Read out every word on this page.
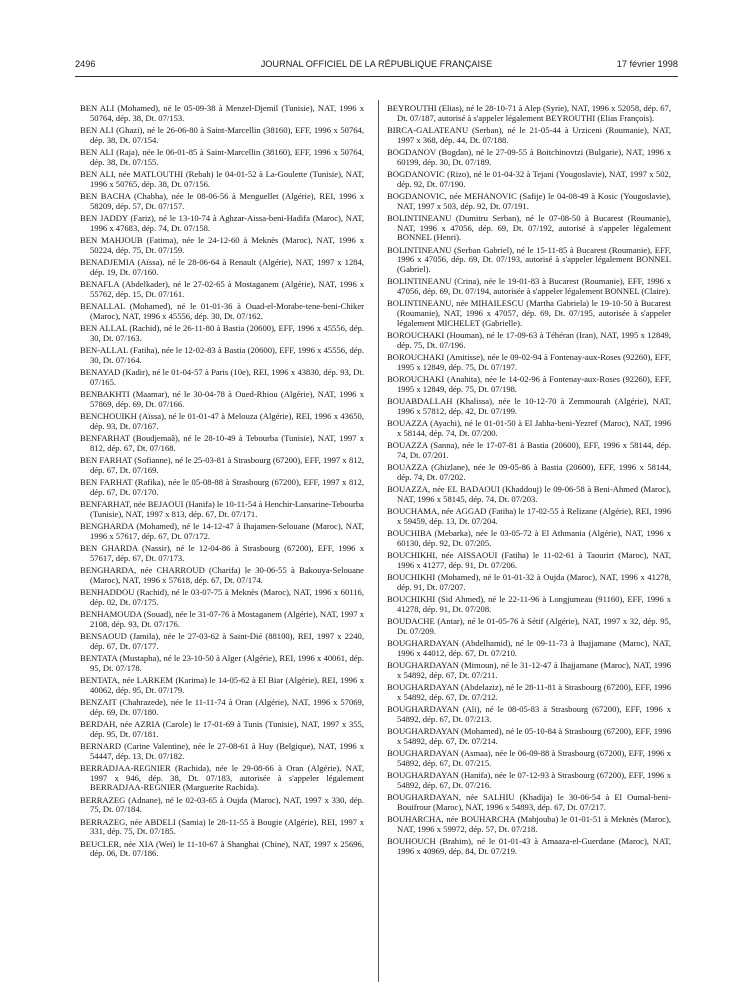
2496	JOURNAL OFFICIEL DE LA RÉPUBLIQUE FRANÇAISE	17 février 1998

BEN ALI (Mohamed), né le 05-09-38 à Menzel-Djemil (Tunisie), NAT, 1996 x 50764, dép. 38, Dt. 07/153.

BEN ALI (Ghazi), né le 26-06-80 à Saint-Marcellin (38160), EFF, 1996 x 50764, dép. 38, Dt. 07/154.

BEN ALI (Raja), née le 06-01-85 à Saint-Marcellin (38160), EFF, 1996 x 50764, dép. 38, Dt. 07/155.

BEN ALI, née MATLOUTHI (Rebah) le 04-01-52 à La-Goulette (Tunisie), NAT, 1996 x 50765, dép. 38, Dt. 07/156.

BEN BACHA (Chabha), née le 08-06-56 à Menguellet (Algérie), REI, 1996 x 58209, dép. 57, Dt. 07/157.

BEN JADDY (Fariz), né le 13-10-74 à Aghzar-Aissa-beni-Hadifa (Maroc), NAT, 1996 x 47683, dép. 74, Dt. 07/158.

BEN MAHJOUB (Fatima), née le 24-12-60 à Meknès (Maroc), NAT, 1996 x 50224, dép. 75, Dt. 07/159.

BENADJEMIA (Aïssa), né le 28-06-64 à Renault (Algérie), NAT, 1997 x 1284, dép. 19, Dt. 07/160.

BENAFLA (Abdelkader), né le 27-02-65 à Mostaganem (Algérie), NAT, 1996 x 55762, dép. 15, Dt. 07/161.

BENALLAL (Mohamed), né le 01-01-36 à Ouad-el-Morabe-tene-beni-Chiker (Maroc), NAT, 1996 x 45556, dép. 30, Dt. 07/162.

BEN ALLAL (Rachid), né le 26-11-80 à Bastia (20600), EFF, 1996 x 45556, dép. 30, Dt. 07/163.

BEN-ALLAL (Fatiha), née le 12-02-83 à Bastia (20600), EFF, 1996 x 45556, dép. 30, Dt. 07/164.

BENAYAD (Kadir), né le 01-04-57 à Paris (10e), REI, 1996 x 43830, dép. 93, Dt. 07/165.

BENBAKHTI (Maamar), né le 30-04-78 à Oued-Rhiou (Algérie), NAT, 1996 x 57869, dép. 69, Dt. 07/166.

BENCHOUIKH (Aïssa), né le 01-01-47 à Melouza (Algérie), REI, 1996 x 43650, dép. 93, Dt. 07/167.

BENFARHAT (Boudjemaâ), né le 28-10-49 à Tebourba (Tunisie), NAT, 1997 x 812, dép. 67, Dt. 07/168.

BEN FARHAT (Sofianne), né le 25-03-81 à Strasbourg (67200), EFF, 1997 x 812, dép. 67, Dt. 07/169.

BEN FARHAT (Rafika), née le 05-08-88 à Strasbourg (67200), EFF, 1997 x 812, dép. 67, Dt. 07/170.

BENFARHAT, née BEJAOUI (Hanifa) le 10-11-54 à Henchir-Lansarine-Tebourba (Tunisie), NAT, 1997 x 813, dép. 67, Dt. 07/171.

BENGHARDA (Mohamed), né le 14-12-47 à Ihajamen-Selouane (Maroc), NAT, 1996 x 57617, dép. 67, Dt. 07/172.

BEN GHARDA (Nassir), né le 12-04-86 à Strasbourg (67200), EFF, 1996 x 57617, dép. 67, Dt. 07/173.

BENGHARDA, née CHARROUD (Charifa) le 30-06-55 à Bakouya-Selouane (Maroc), NAT, 1996 x 57618, dép. 67, Dt. 07/174.

BENHADDOU (Rachid), né le 03-07-75 à Meknès (Maroc), NAT, 1996 x 60116, dép. 02, Dt. 07/175.

BENHAMOUDA (Souad), née le 31-07-76 à Mostaganem (Algérie), NAT, 1997 x 2108, dép. 93, Dt. 07/176.

BENSAOUD (Jamila), née le 27-03-62 à Saint-Dié (88100), REI, 1997 x 2240, dép. 67, Dt. 07/177.

BENTATA (Mustapha), né le 23-10-50 à Alger (Algérie), REI, 1996 x 40061, dép. 95, Dt. 07/178.

BENTATA, née LARKEM (Karima) le 14-05-62 à El Biar (Algérie), REI, 1996 x 40062, dép. 95, Dt. 07/179.

BENZAIT (Chahrazede), née le 11-11-74 à Oran (Algérie), NAT, 1996 x 57069, dép. 69, Dt. 07/180.

BERDAH, née AZRIA (Carole) le 17-01-69 à Tunis (Tunisie), NAT, 1997 x 355, dép. 95, Dt. 07/181.

BERNARD (Carine Valentine), née le 27-08-61 à Huy (Belgique), NAT, 1996 x 54447, dép. 13, Dt. 07/182.

BERRADJAA-REGNIER (Rachida), née le 29-08-66 à Oran (Algérie), NAT, 1997 x 946, dép. 38, Dt. 07/183, autorisée à s'appeler légalement BERRADJAA-REGNIER (Marguerite Rachida).

BERRAZEG (Adnane), né le 02-03-65 à Oujda (Maroc), NAT, 1997 x 330, dép. 75, Dt. 07/184.

BERRAZEG, née ABDELI (Samia) le 28-11-55 à Bougie (Algérie), REI, 1997 x 331, dép. 75, Dt. 07/185.

BEUCLER, née XIA (Wei) le 11-10-67 à Shanghai (Chine), NAT, 1997 x 25696, dép. 06, Dt. 07/186.

BEYROUTHI (Elias), né le 28-10-71 à Alep (Syrie), NAT, 1996 x 52058, dép. 67, Dt. 07/187, autorisé à s'appeler légalement BEYROUTHI (Elias François).

BIRCA-GALATEANU (Serban), né le 21-05-44 à Urziceni (Roumanie), NAT, 1997 x 368, dép. 44, Dt. 07/188.

BOGDANOV (Bogdan), né le 27-09-55 à Boitchinovtzi (Bulgarie), NAT, 1996 x 60199, dép. 30, Dt. 07/189.

BOGDANOVIC (Rizo), né le 01-04-32 à Tejani (Yougoslavie), NAT, 1997 x 502, dép. 92, Dt. 07/190.

BOGDANOVIC, née MEHANOVIC (Safije) le 04-08-49 à Kosic (Yougoslavie), NAT, 1997 x 503, dép. 92, Dt. 07/191.

BOLINTINEANU (Dumitru Serban), né le 07-08-50 à Bucarest (Roumanie), NAT, 1996 x 47056, dép. 69, Dt. 07/192, autorisé à s'appeler légalement BONNEL (Henri).

BOLINTINEANU (Serban Gabriel), né le 15-11-85 à Bucarest (Roumanie), EFF, 1996 x 47056, dép. 69, Dt. 07/193, autorisé à s'appeler légalement BONNEL (Gabriel).

BOLINTINEANU (Crina), née le 19-01-83 à Bucarest (Roumanie), EFF, 1996 x 47056, dép. 69, Dt. 07/194, autorisée à s'appeler légalement BONNEL (Claire).

BOLINTINEANU, née MIHAILESCU (Martha Gabriela) le 19-10-50 à Bucarest (Roumanie), NAT, 1996 x 47057, dép. 69, Dt. 07/195, autorisée à s'appeler légalement MICHELET (Gabrielle).

BOROUCHAKI (Houman), né le 17-09-63 à Téhéran (Iran), NAT, 1995 x 12849, dép. 75, Dt. 07/196.

BOROUCHAKI (Amitisse), née le 09-02-94 à Fontenay-aux-Roses (92260), EFF, 1995 x 12849, dép. 75, Dt. 07/197.

BOROUCHAKI (Anahita), née le 14-02-96 à Fontenay-aux-Roses (92260), EFF, 1995 x 12849, dép. 75, Dt. 07/198.

BOUABDALLAH (Khalissa), née le 10-12-70 à Zemmourah (Algérie), NAT, 1996 x 57812, dép. 42, Dt. 07/199.

BOUAZZA (Ayachi), né le 01-01-50 à El Jabha-beni-Yezref (Maroc), NAT, 1996 x 58144, dép. 74, Dt. 07/200.

BOUAZZA (Sanna), née le 17-07-81 à Bastia (20600), EFF, 1996 x 58144, dép. 74, Dt. 07/201.

BOUAZZA (Ghizlane), née le 09-05-86 à Bastia (20600), EFF, 1996 x 58144, dép. 74, Dt. 07/202.

BOUAZZA, née EL BADAOUI (Khaddouj) le 09-06-58 à Beni-Ahmed (Maroc), NAT, 1996 x 58145, dép. 74, Dt. 07/203.

BOUCHAMA, née AGGAD (Fatiha) le 17-02-55 à Relizane (Algérie), REI, 1996 x 59459, dép. 13, Dt. 07/204.

BOUCHIBA (Mebarka), née le 03-05-72 à El Athmania (Algérie), NAT, 1996 x 60130, dép. 92, Dt. 07/205.

BOUCHIKHI, née AISSAOUI (Fatiha) le 11-02-61 à Taourirt (Maroc), NAT, 1996 x 41277, dép. 91, Dt. 07/206.

BOUCHIKHI (Mohamed), né le 01-01-32 à Oujda (Maroc), NAT, 1996 x 41278, dép. 91, Dt. 07/207.

BOUCHIKHI (Sid Ahmed), né le 22-11-96 à Longjumeau (91160), EFF, 1996 x 41278, dép. 91, Dt. 07/208.

BOUDACHE (Antar), né le 01-05-76 à Sétif (Algérie), NAT, 1997 x 32, dép. 95, Dt. 07/209.

BOUGHARDAYAN (Abdelhamid), né le 09-11-73 à Ihajjamane (Maroc), NAT, 1996 x 44012, dép. 67, Dt. 07/210.

BOUGHARDAYAN (Mimoun), né le 31-12-47 à Ihajjamane (Maroc), NAT, 1996 x 54892, dép. 67, Dt. 07/211.

BOUGHARDAYAN (Abdelaziz), né le 28-11-81 à Strasbourg (67200), EFF, 1996 x 54892, dép. 67, Dt. 07/212.

BOUGHARDAYAN (Ali), né le 08-05-83 à Strasbourg (67200), EFF, 1996 x 54892, dép. 67, Dt. 07/213.

BOUGHARDAYAN (Mohamed), né le 05-10-84 à Strasbourg (67200), EFF, 1996 x 54892, dép. 67, Dt. 07/214.

BOUGHARDAYAN (Asmaa), née le 06-09-88 à Strasbourg (67200), EFF, 1996 x 54892, dép. 67, Dt. 07/215.

BOUGHARDAYAN (Hanifa), née le 07-12-93 à Strasbourg (67200), EFF, 1996 x 54892, dép. 67, Dt. 07/216.

BOUGHARDAYAN, née SALHIU (Khadija) le 30-06-54 à El Oumal-beni-Bouifrour (Maroc), NAT, 1996 x 54893, dép. 67, Dt. 07/217.

BOUHARCHA, née BOUHARCHA (Mahjouba) le 01-01-51 à Meknès (Maroc), NAT, 1996 x 59972, dép. 57, Dt. 07/218.

BOUHOUCH (Brahim), né le 01-01-43 à Amaaza-el-Guerdane (Maroc), NAT, 1996 x 40969, dép. 84, Dt. 07/219.
